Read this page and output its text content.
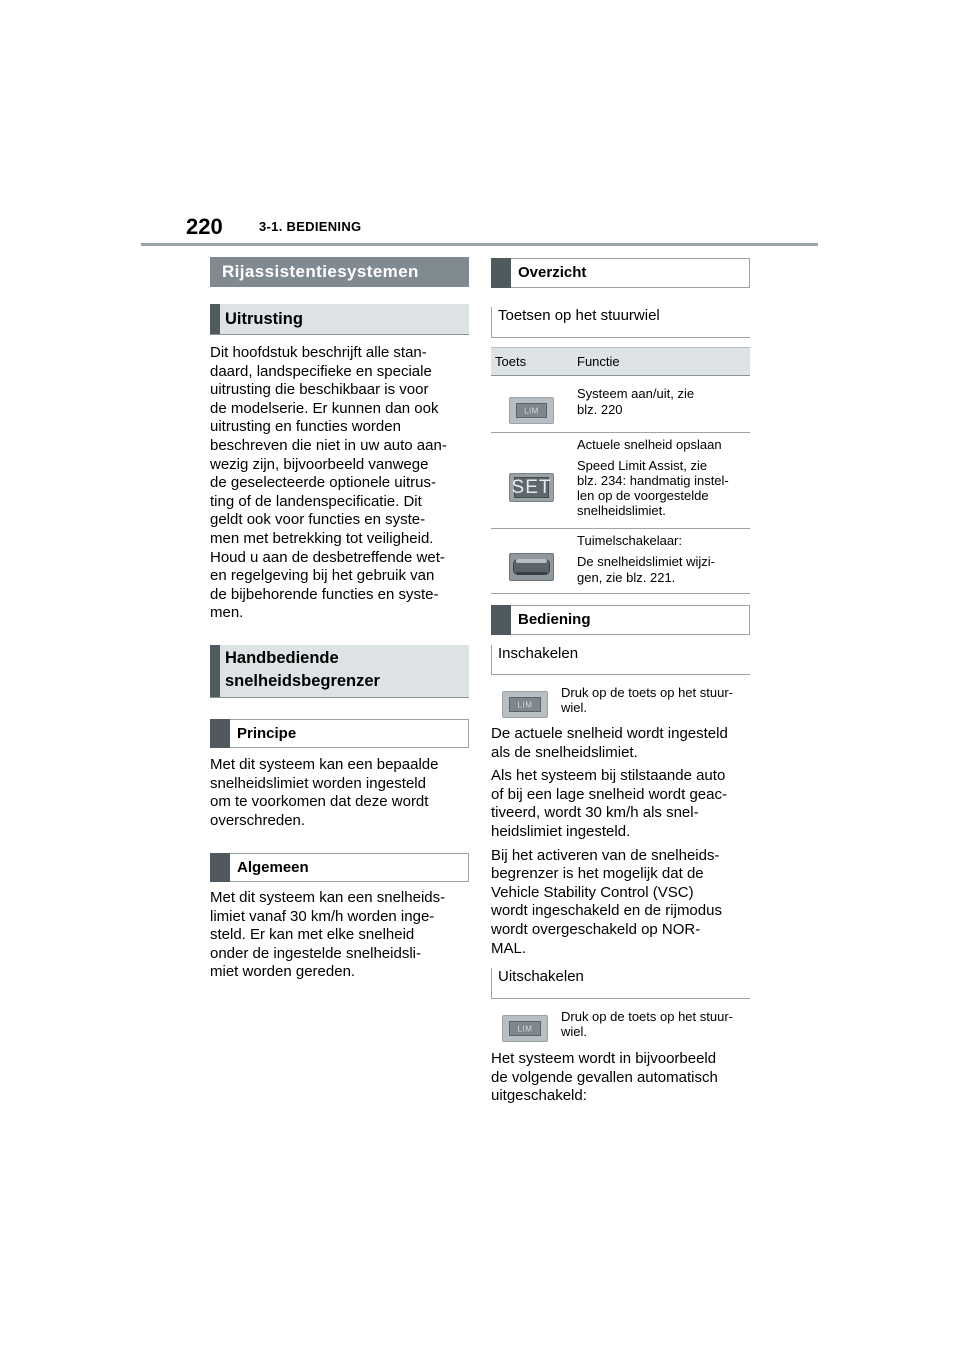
220	3-1. BEDIENING
Rijassistentiesystemen
Uitrusting

Dit hoofdstuk beschrijft alle stan-
daard, landspecifieke en speciale
uitrusting die beschikbaar is voor
de modelserie. Er kunnen dan ook
uitrusting en functies worden
beschreven die niet in uw auto aan-
wezig zijn, bijvoorbeeld vanwege
de geselecteerde optionele uitrus-
ting of de landenspecificatie. Dit
geldt ook voor functies en syste-
men met betrekking tot veiligheid.
Houd u aan de desbetreffende wet-
en regelgeving bij het gebruik van
de bijbehorende functies en syste-
men.

Handbediende
snelheidsbegrenzer
Principe

Met dit systeem kan een bepaalde
snelheidslimiet worden ingesteld
om te voorkomen dat deze wordt
overschreden.

Algemeen

Met dit systeem kan een snelheids-
limiet vanaf 30 km/h worden inge-
steld. Er kan met elke snelheid
onder de ingestelde snelheidsli-
miet worden gereden.

Overzicht
Toetsen op het stuurwiel
Toets	Functie
LIM
Systeem aan/uit, zie
blz. 220
SET
Actuele snelheid opslaan
Speed Limit Assist, zie
blz. 234: handmatig instel-
len op de voorgestelde
snelheidslimiet.
Tuimelschakelaar:
De snelheidslimiet wijzi-
gen, zie blz. 221.
Bediening
Inschakelen
LIM
Druk op de toets op het stuur-
wiel.

De actuele snelheid wordt ingesteld
als de snelheidslimiet.

Als het systeem bij stilstaande auto
of bij een lage snelheid wordt geac-
tiveerd, wordt 30 km/h als snel-
heidslimiet ingesteld.

Bij het activeren van de snelheids-
begrenzer is het mogelijk dat de
Vehicle Stability Control (VSC)
wordt ingeschakeld en de rijmodus
wordt overgeschakeld op NOR-
MAL.

Uitschakelen
LIM
Druk op de toets op het stuur-
wiel.

Het systeem wordt in bijvoorbeeld
de volgende gevallen automatisch
uitgeschakeld:
